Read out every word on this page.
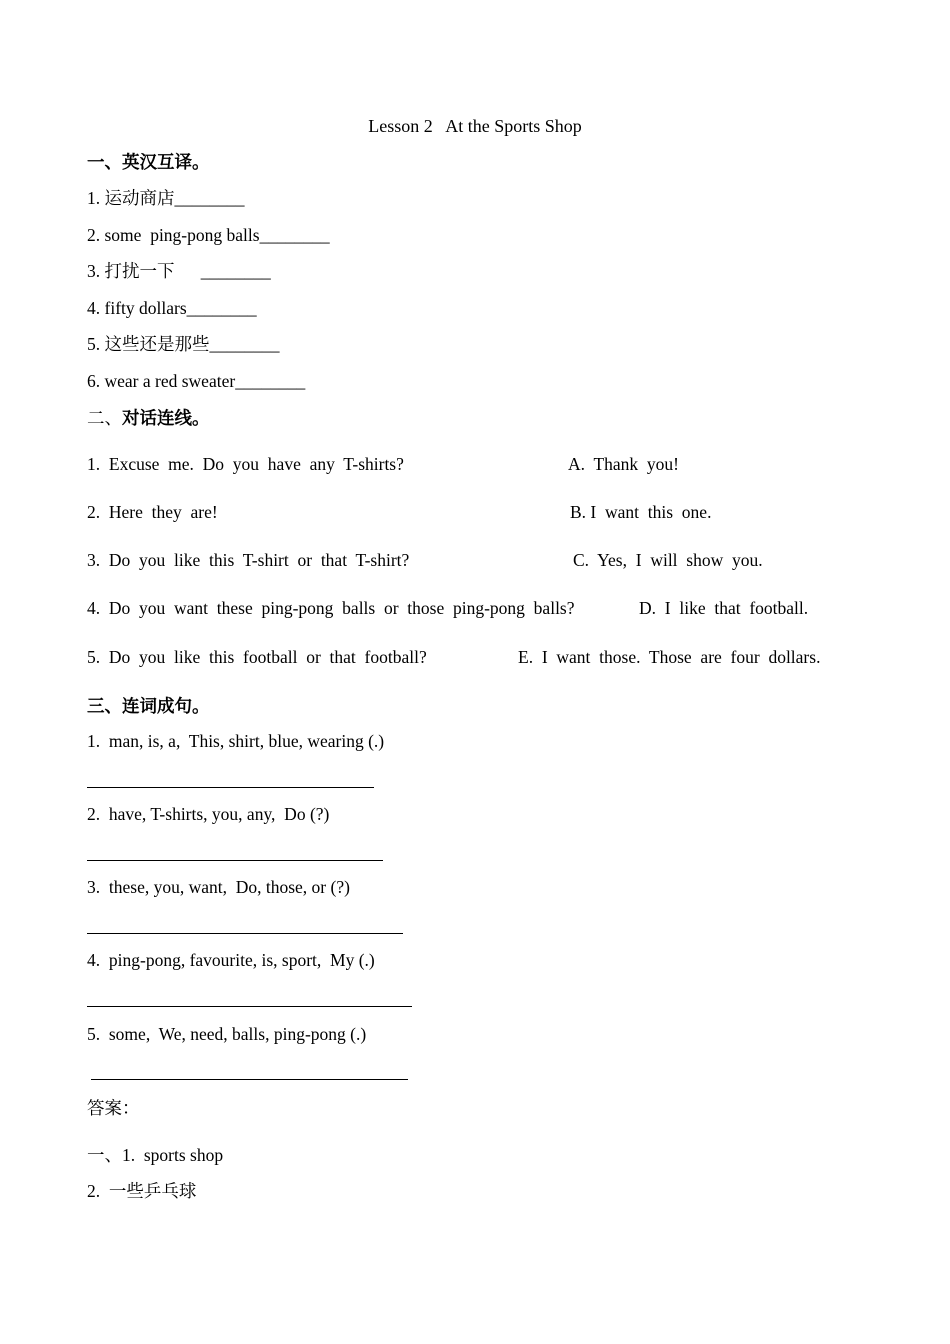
Lesson 2   At the Sports Shop
一、英汉互译。
1. 运动商店________
2. some  ping-pong balls________
3. 打扰一下      ________
4. fifty dollars________
5. 这些还是那些________
6. wear a red sweater________
二、对话连线。
1.  Excuse  me.  Do  you  have  any  T-shirts?	A.  Thank  you!
2.  Here  they  are!	B. I  want  this  one.
3.  Do  you  like  this  T-shirt  or  that  T-shirt?	C.  Yes,  I  will  show  you.
4.  Do  you  want  these  ping-pong  balls  or  those  ping-pong  balls?	D.  I  like  that  football.
5.  Do  you  like  this  football  or  that  football?	E.  I  want  those.  Those  are  four  dollars.
三、连词成句。
1.  man, is, a,  This, shirt, blue, wearing (.)
2.  have, T-shirts, you, any,  Do (?)
3.  these, you, want,  Do, those, or (?)
4.  ping-pong, favourite, is, sport,  My (.)
5.  some,  We, need, balls, ping-pong (.)
答案：
一、1.  sports shop
2.  一些乒乓球
